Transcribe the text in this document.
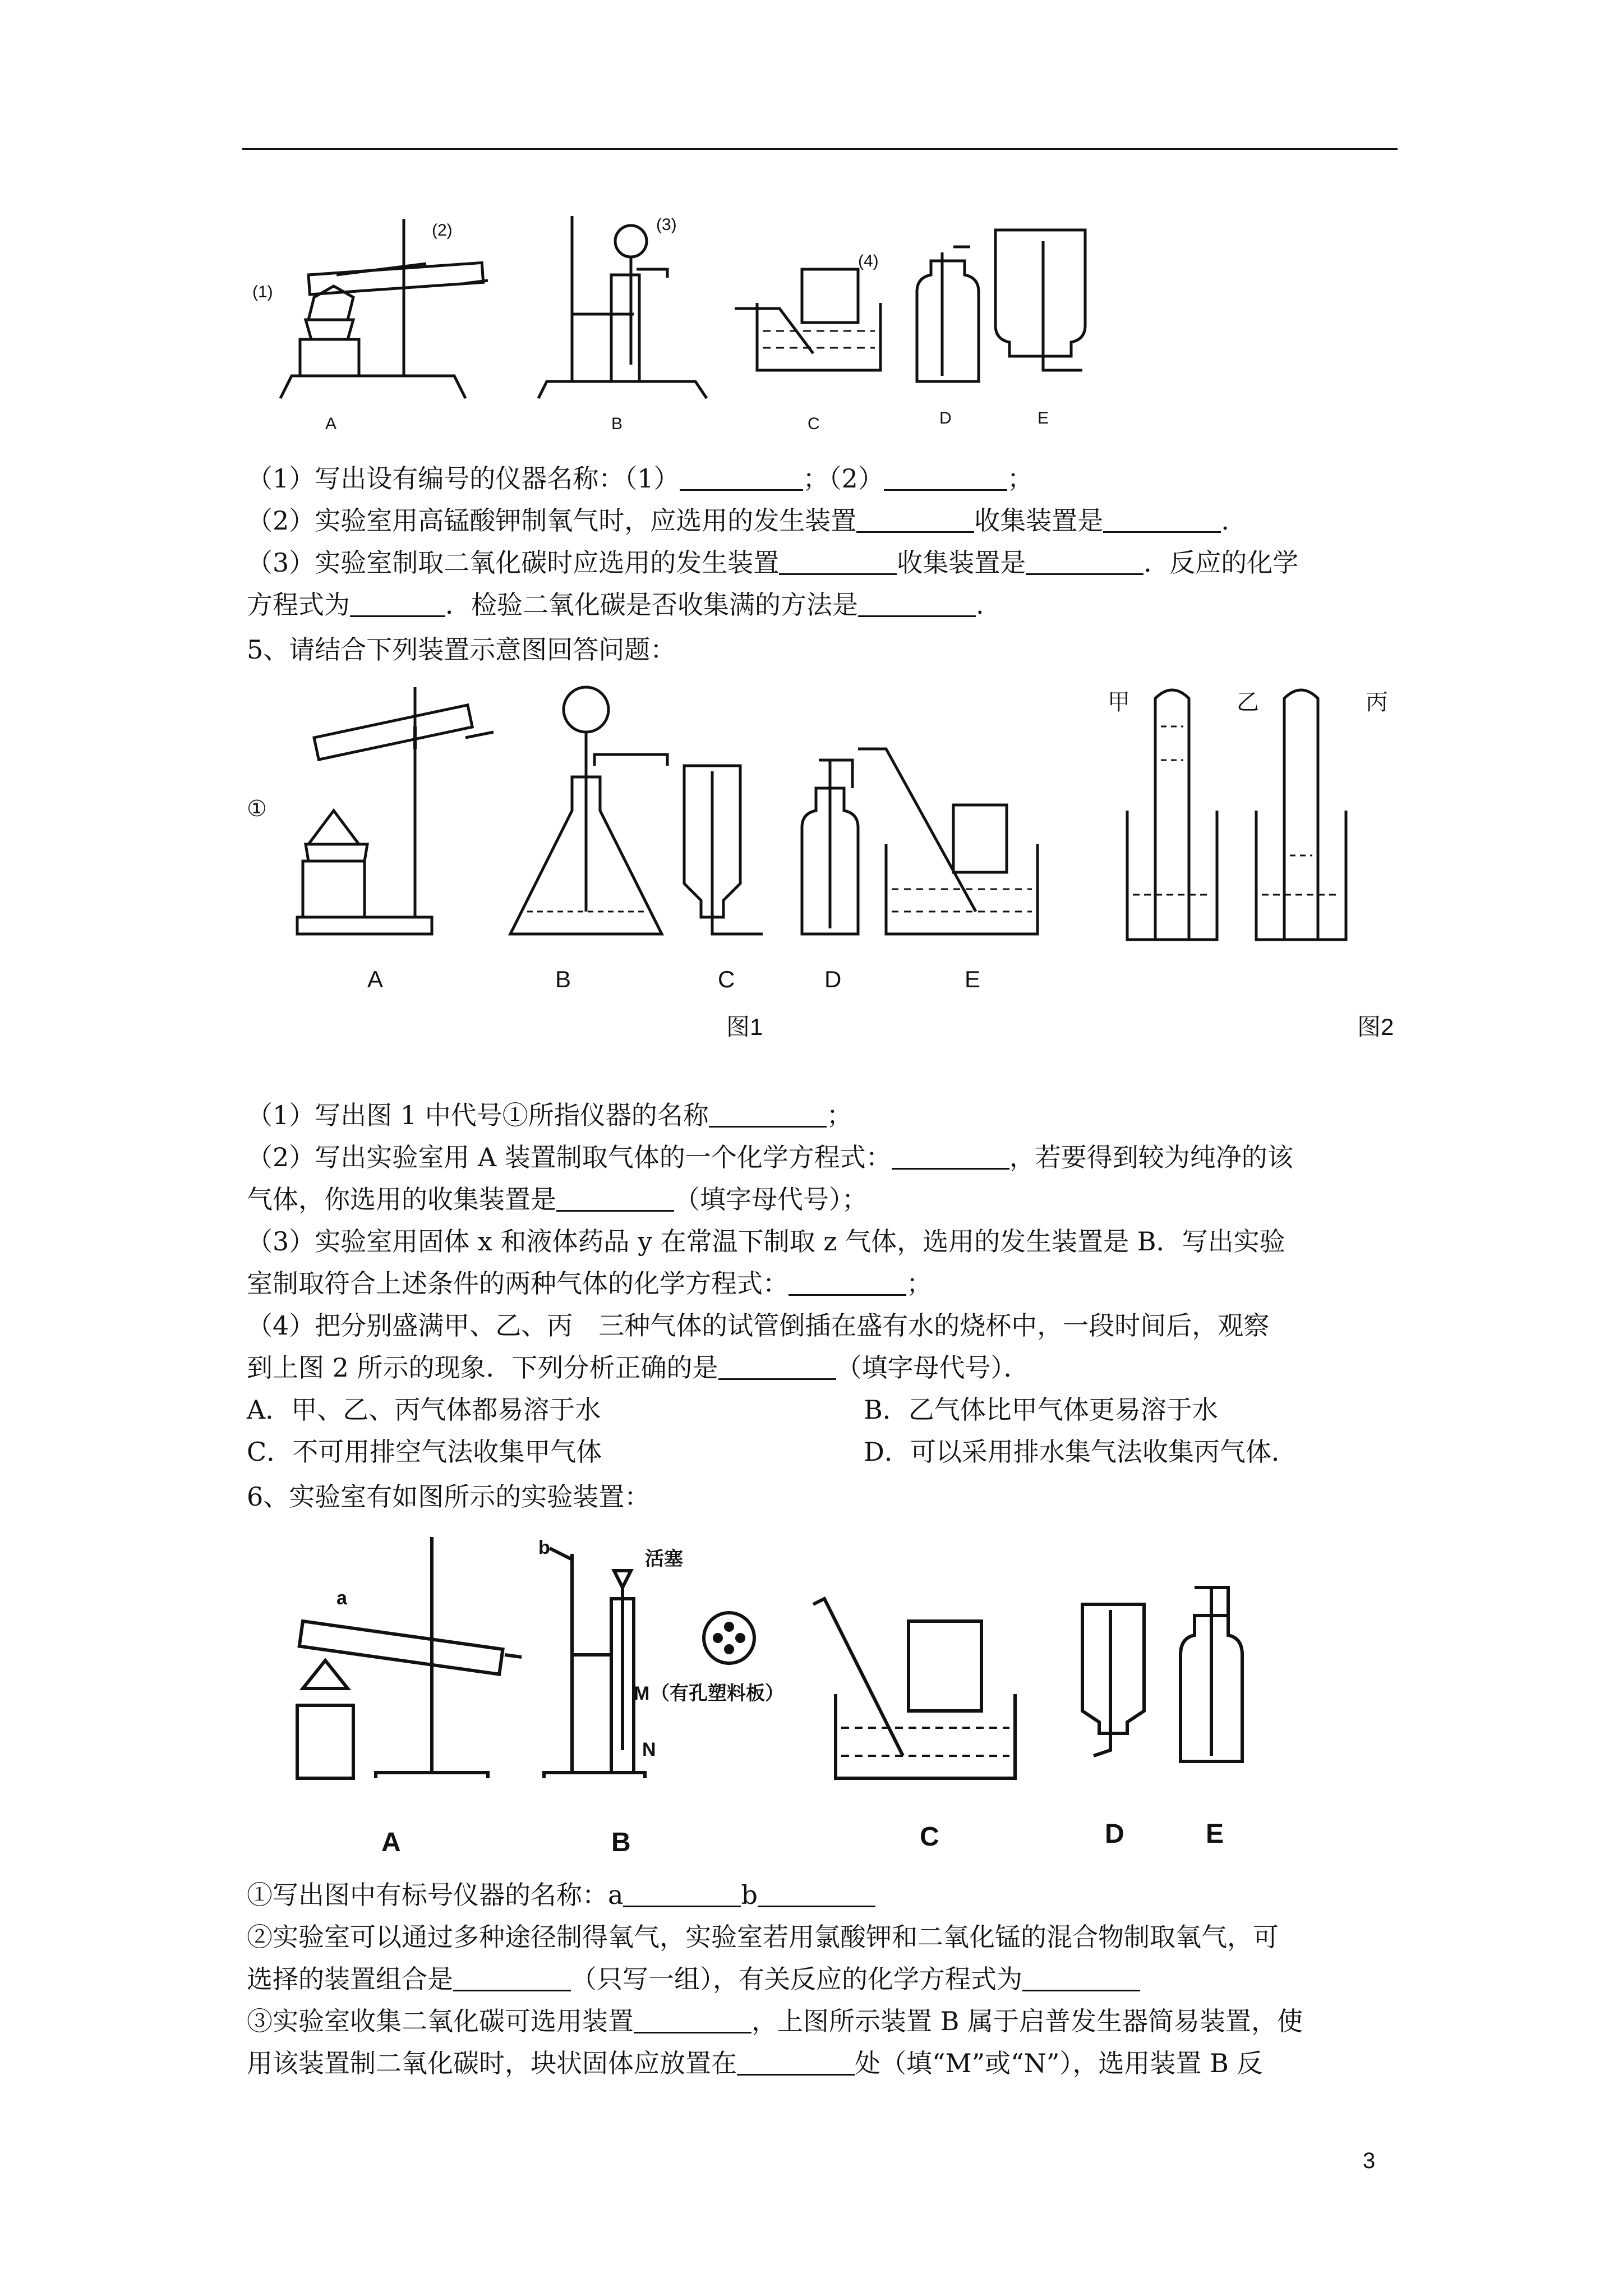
(1)
(2)	(3)
(4)
A	B	C	D	E
（1）写出设有编号的仪器名称：（1）	；（2）	；
（2）实验室用高锰酸钾制氧气时，应选用的发生装置	收集装置是	.
（3）实验室制取二氧化碳时应选用的发生装置	收集装置是	．反应的化学
方程式为	．检验二氧化碳是否收集满的方法是	.
5、请结合下列装置示意图回答问题：
①
甲	乙	丙
A	B	C	D	E
图1	图2
（1）写出图 1 中代号①所指仪器的名称	；
（2）写出实验室用 A 装置制取气体的一个化学方程式：	，若要得到较为纯净的该
气体，你选用的收集装置是	（填字母代号）；
（3）实验室用固体 x 和液体药品 y 在常温下制取 z 气体，选用的发生装置是 B．写出实验
室制取符合上述条件的两种气体的化学方程式：	；
（4）把分别盛满甲、乙、丙　三种气体的试管倒插在盛有水的烧杯中，一段时间后，观察
到上图 2 所示的现象．下列分析正确的是	（填字母代号）．
A．甲、乙、丙气体都易溶于水	B．乙气体比甲气体更易溶于水
C．不可用排空气法收集甲气体	D．可以采用排水集气法收集丙气体．
6、实验室有如图所示的实验装置：
a
b
活塞
M （有孔塑料板）
N
A	B	C	D	E
①写出图中有标号仪器的名称：a	b
②实验室可以通过多种途径制得氧气，实验室若用氯酸钾和二氧化锰的混合物制取氧气，可
选择的装置组合是	（只写一组），有关反应的化学方程式为
③实验室收集二氧化碳可选用装置	，上图所示装置 B 属于启普发生器简易装置，使
用该装置制二氧化碳时，块状固体应放置在	处（填“M”或“N”），选用装置 B 反
3
